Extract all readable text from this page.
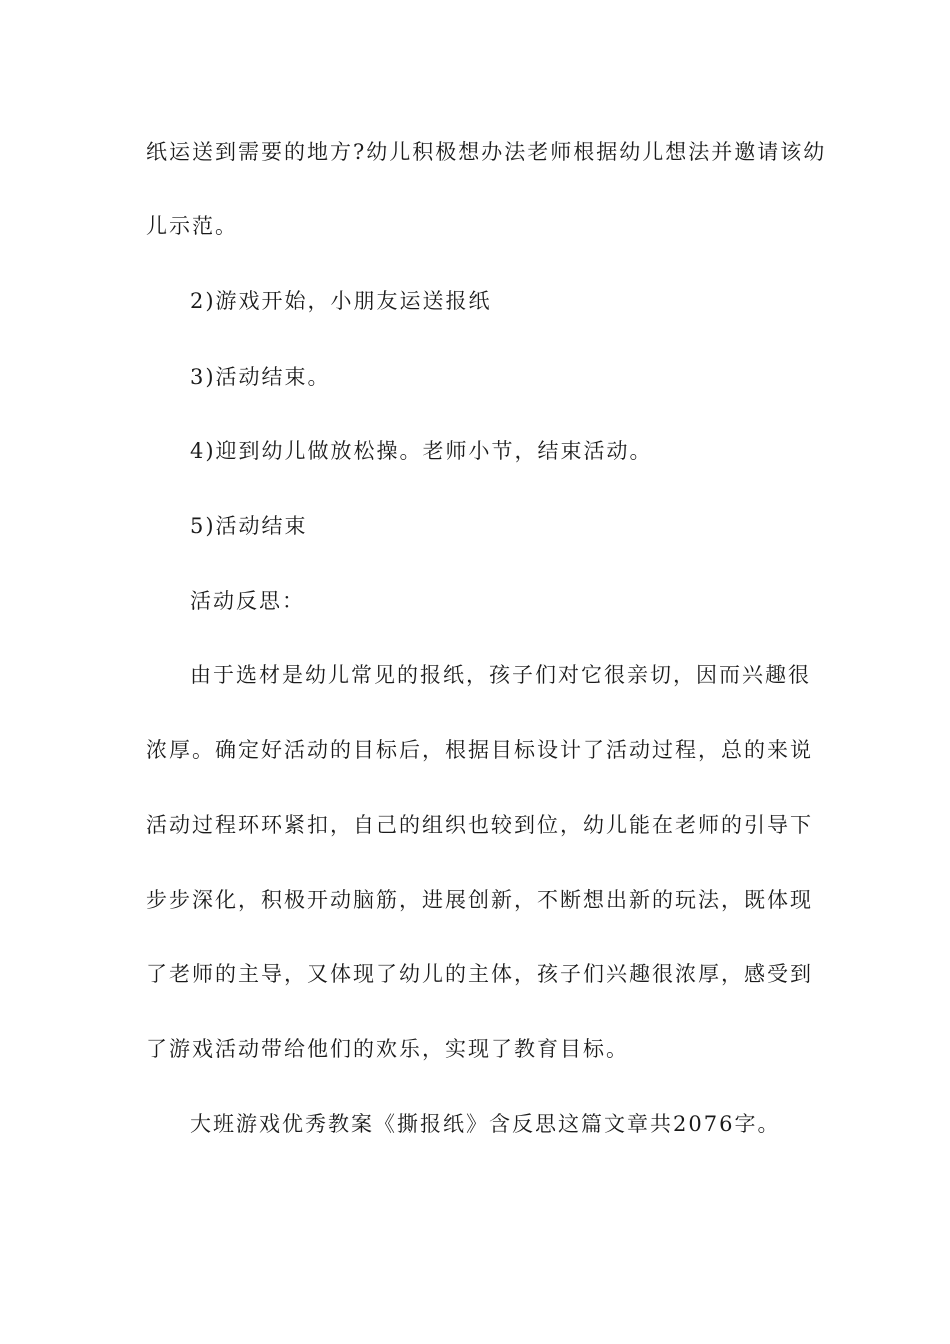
纸运送到需要的地方?幼儿积极想办法老师根据幼儿想法并邀请该幼
儿示范。
2)游戏开始，小朋友运送报纸
3)活动结束。
4)迎到幼儿做放松操。老师小节，结束活动。
5)活动结束
活动反思：
由于选材是幼儿常见的报纸，孩子们对它很亲切，因而兴趣很
浓厚。确定好活动的目标后，根据目标设计了活动过程，总的来说
活动过程环环紧扣，自己的组织也较到位，幼儿能在老师的引导下
步步深化，积极开动脑筋，进展创新，不断想出新的玩法，既体现
了老师的主导，又体现了幼儿的主体，孩子们兴趣很浓厚，感受到
了游戏活动带给他们的欢乐，实现了教育目标。
大班游戏优秀教案《撕报纸》含反思这篇文章共2076字。
